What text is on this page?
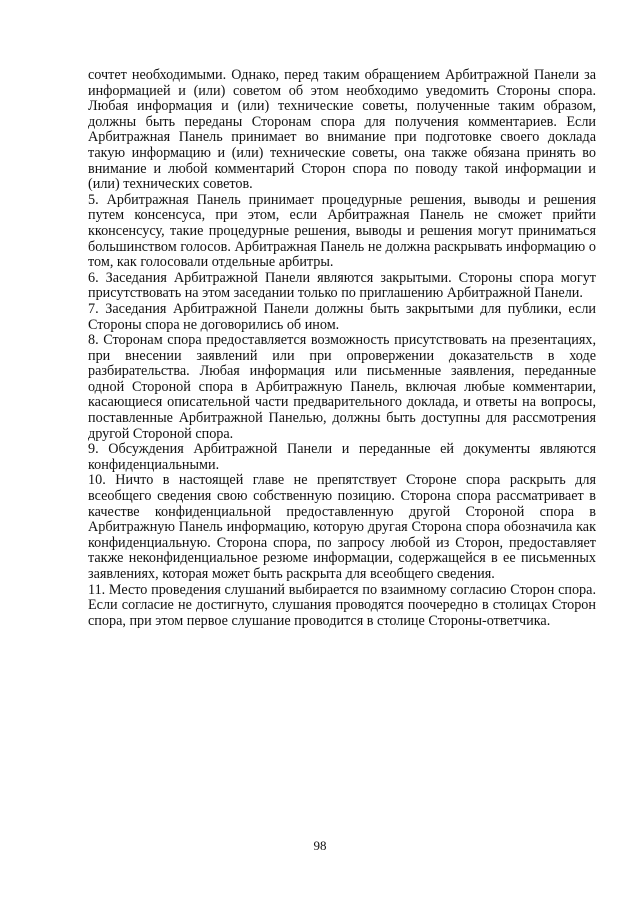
сочтет необходимыми. Однако, перед таким обращением Арбитражной Панели за информацией и (или) советом об этом необходимо уведомить Стороны спора. Любая информация и (или) технические советы, полученные таким образом, должны быть переданы Сторонам спора для получения комментариев. Если Арбитражная Панель принимает во внимание при подготовке своего доклада такую информацию и (или) технические советы, она также обязана принять во внимание и любой комментарий Сторон спора по поводу такой информации и (или) технических советов.

5. Арбитражная Панель принимает процедурные решения, выводы и решения путем консенсуса, при этом, если Арбитражная Панель не сможет прийти кконсенсусу, такие процедурные решения, выводы и решения могут приниматься большинством голосов. Арбитражная Панель не должна раскрывать информацию о том, как голосовали отдельные арбитры.

6. Заседания Арбитражной Панели являются закрытыми. Стороны спора могут присутствовать на этом заседании только по приглашению Арбитражной Панели.

7. Заседания Арбитражной Панели должны быть закрытыми для публики, если Стороны спора не договорились об ином.

8. Сторонам спора предоставляется возможность присутствовать на презентациях, при внесении заявлений или при опровержении доказательств в ходе разбирательства. Любая информация или письменные заявления, переданные одной Стороной спора в Арбитражную Панель, включая любые комментарии, касающиеся описательной части предварительного доклада, и ответы на вопросы, поставленные Арбитражной Панелью, должны быть доступны для рассмотрения другой Стороной спора.

9. Обсуждения Арбитражной Панели и переданные ей документы являются конфиденциальными.

10. Ничто в настоящей главе не препятствует Стороне спора раскрыть для всеобщего сведения свою собственную позицию. Сторона спора рассматривает в качестве конфиденциальной предоставленную другой Стороной спора в Арбитражную Панель информацию, которую другая Сторона спора обозначила как конфиденциальную. Сторона спора, по запросу любой из Сторон, предоставляет также неконфиденциальное резюме информации, содержащейся в ее письменных заявлениях, которая может быть раскрыта для всеобщего сведения.

11. Место проведения слушаний выбирается по взаимному согласию Сторон спора. Если согласие не достигнуто, слушания проводятся поочередно в столицах Сторон спора, при этом первое слушание проводится в столице Стороны-ответчика.

98
